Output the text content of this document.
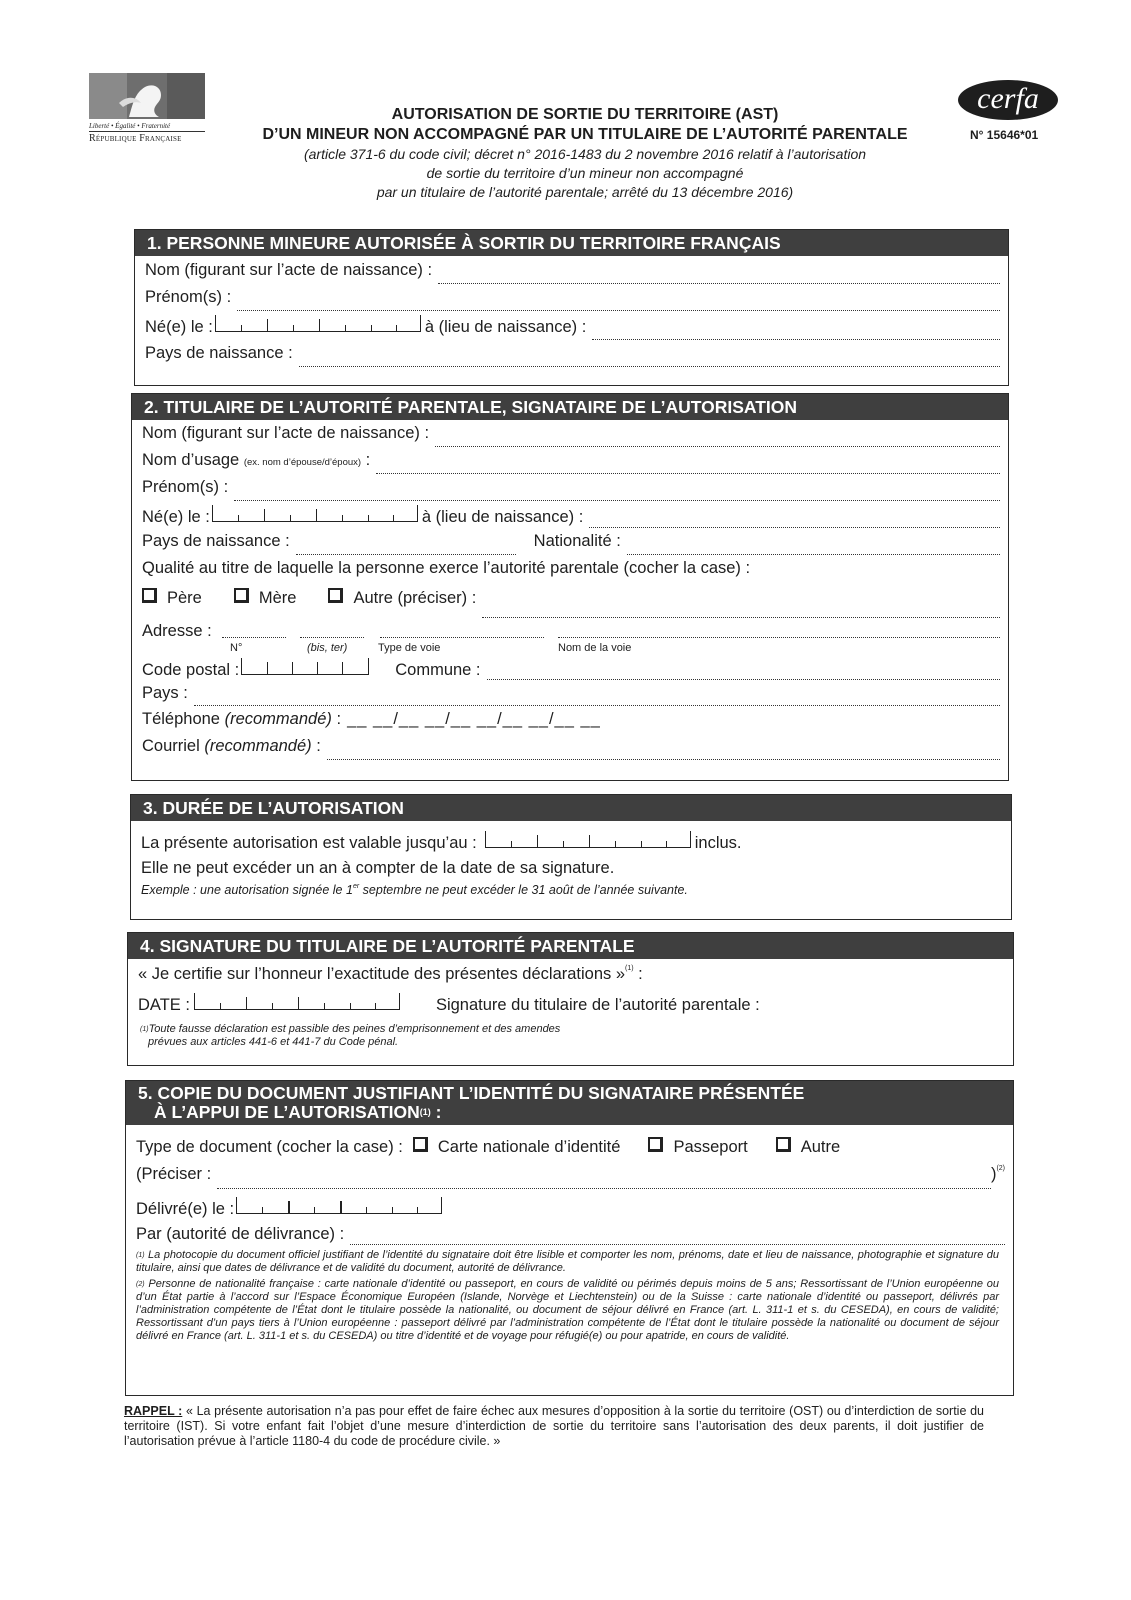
Liberté • Égalité • Fraternité
République Française
cerfa
N° 15646*01
AUTORISATION DE SORTIE DU TERRITOIRE (AST)
D’UN MINEUR NON ACCOMPAGNÉ PAR UN TITULAIRE DE L’AUTORITÉ PARENTALE
(article 371-6 du code civil; décret n° 2016-1483 du 2 novembre 2016 relatif à l’autorisation
de sortie du territoire d’un mineur non accompagné
par un titulaire de l’autorité parentale; arrêté du 13 décembre 2016)
1. PERSONNE MINEURE AUTORISÉE À SORTIR DU TERRITOIRE FRANÇAIS
Nom (figurant sur l’acte de naissance) :
Prénom(s) :
Né(e) le :	à (lieu de naissance) :
Pays de naissance :
2. TITULAIRE DE L’AUTORITÉ PARENTALE, SIGNATAIRE DE L’AUTORISATION
Nom (figurant sur l’acte de naissance) :
Nom d’usage
(ex. nom d’épouse/d’époux)
:
Prénom(s) :
Né(e) le :	à (lieu de naissance) :
Pays de naissance :	Nationalité :
Qualité au titre de laquelle la personne exerce l’autorité parentale (cocher la case) :
Père	Mère	Autre (préciser) :
Adresse :
N°	(bis, ter)	Type de voie	Nom de la voie
Code postal :	Commune :
Pays :
Téléphone
(recommandé)
: __ __/__ __/__ __/__ __/__ __
Courriel
(recommandé)
:
3. DURÉE DE L’AUTORISATION
La présente autorisation est valable jusqu’au :	inclus.
Elle ne peut excéder un an à compter de la date de sa signature.
Exemple : une autorisation signée le 1er septembre ne peut excéder le 31 août de l’année suivante.
4. SIGNATURE DU TITULAIRE DE L’AUTORITÉ PARENTALE
« Je certifie sur l’honneur l’exactitude des présentes déclarations »$^{(1)}$ :
DATE :	Signature du titulaire de l’autorité parentale :
$^{(1)}$Toute fausse déclaration est passible des peines d’emprisonnement et des amendes
prévues aux articles 441-6 et 441-7 du Code pénal.
5. COPIE DU DOCUMENT JUSTIFIANT L’IDENTITÉ DU SIGNATAIRE PRÉSENTÉE
À L’APPUI DE L’AUTORISATION$^{(1)}$ :
Type de document (cocher la case) : Carte nationale d’identité	Passeport	Autre
(Préciser :	)$^{(2)}$
Délivré(e) le :
Par (autorité de délivrance) :
$^{(1)}$ La photocopie du document officiel justifiant de l’identité du signataire doit être lisible et comporter les nom, prénoms, date et lieu de naissance, photographie et signature du titulaire, ainsi que dates de délivrance et de validité du document, autorité de délivrance.
$^{(2)}$ Personne de nationalité française : carte nationale d’identité ou passeport, en cours de validité ou périmés depuis moins de 5 ans; Ressortissant de l’Union européenne ou d’un État partie à l’accord sur l’Espace Économique Européen (Islande, Norvège et Liechtenstein) ou de la Suisse : carte nationale d’identité ou passeport, délivrés par l’administration compétente de l’État dont le titulaire possède la nationalité, ou document de séjour délivré en France (art. L. 311-1 et s. du CESEDA), en cours de validité; Ressortissant d’un pays tiers à l’Union européenne : passeport délivré par l’administration compétente de l’État dont le titulaire possède la nationalité ou document de séjour délivré en France (art. L. 311-1 et s. du CESEDA) ou titre d’identité et de voyage pour réfugié(e) ou pour apatride, en cours de validité.
RAPPEL : « La présente autorisation n’a pas pour effet de faire échec aux mesures d’opposition à la sortie du territoire (OST) ou d’interdiction de sortie du territoire (IST). Si votre enfant fait l’objet d’une mesure d’interdiction de sortie du territoire sans l’autorisation des deux parents, il doit justifier de l’autorisation prévue à l’article 1180-4 du code de procédure civile. »
